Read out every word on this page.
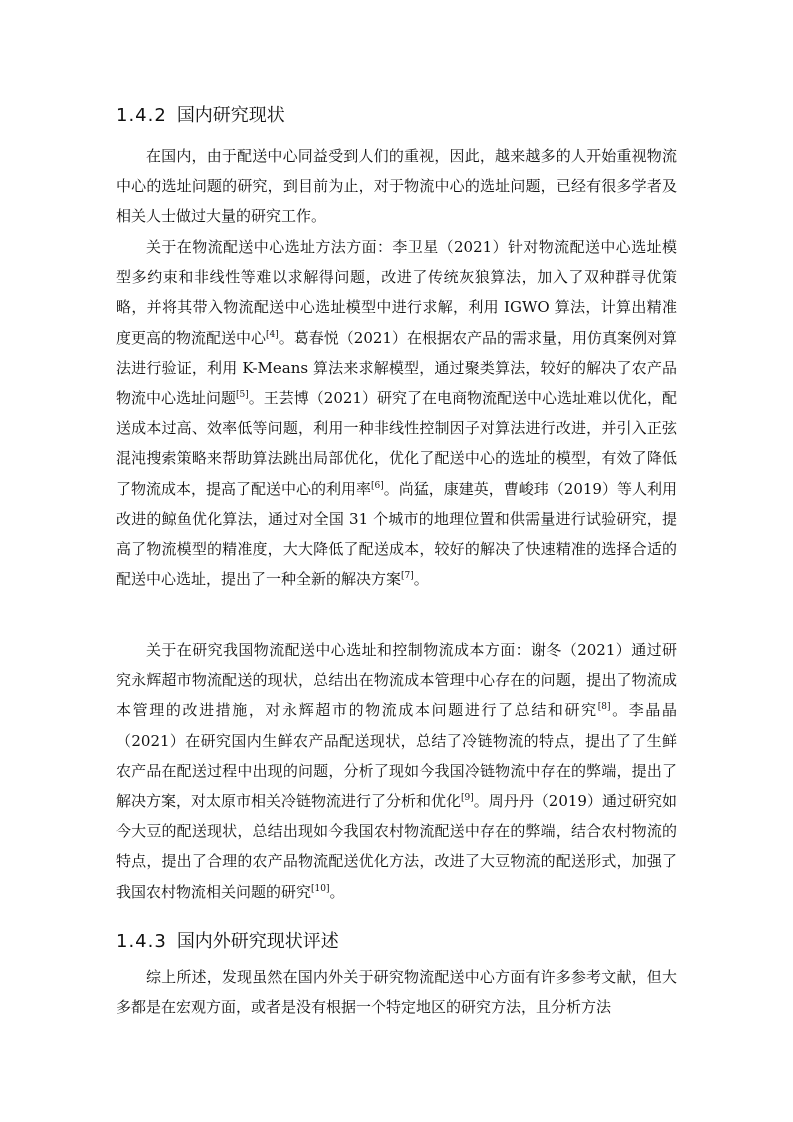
1.4.2 国内研究现状

在国内，由于配送中心同益受到人们的重视，因此，越来越多的人开始重视物流中心的选址问题的研究，到目前为止，对于物流中心的选址问题，已经有很多学者及相关人士做过大量的研究工作。

关于在物流配送中心选址方法方面：李卫星（2021）针对物流配送中心选址模型多约束和非线性等难以求解得问题，改进了传统灰狼算法，加入了双种群寻优策略，并将其带入物流配送中心选址模型中进行求解，利用 IGWO 算法，计算出精准度更高的物流配送中心[4]。葛春悦（2021）在根据农产品的需求量，用仿真案例对算法进行验证，利用 K-Means 算法来求解模型，通过聚类算法，较好的解决了农产品物流中心选址问题[5]。王芸博（2021）研究了在电商物流配送中心选址难以优化，配送成本过高、效率低等问题，利用一种非线性控制因子对算法进行改进，并引入正弦混沌搜索策略来帮助算法跳出局部优化，优化了配送中心的选址的模型，有效了降低了物流成本，提高了配送中心的利用率[6]。尚猛，康建英，曹峻玮（2019）等人利用改进的鲸鱼优化算法，通过对全国 31 个城市的地理位置和供需量进行试验研究，提高了物流模型的精准度，大大降低了配送成本，较好的解决了快速精准的选择合适的配送中心选址，提出了一种全新的解决方案[7]。

关于在研究我国物流配送中心选址和控制物流成本方面：谢冬（2021）通过研究永辉超市物流配送的现状，总结出在物流成本管理中心存在的问题，提出了物流成本管理的改进措施，对永辉超市的物流成本问题进行了总结和研究[8]。李晶晶（2021）在研究国内生鲜农产品配送现状，总结了冷链物流的特点，提出了了生鲜农产品在配送过程中出现的问题，分析了现如今我国冷链物流中存在的弊端，提出了解决方案，对太原市相关冷链物流进行了分析和优化[9]。周丹丹（2019）通过研究如今大豆的配送现状，总结出现如今我国农村物流配送中存在的弊端，结合农村物流的特点，提出了合理的农产品物流配送优化方法，改进了大豆物流的配送形式，加强了我国农村物流相关问题的研究[10]。

1.4.3 国内外研究现状评述

综上所述，发现虽然在国内外关于研究物流配送中心方面有许多参考文献，但大多都是在宏观方面，或者是没有根据一个特定地区的研究方法，且分析方法
